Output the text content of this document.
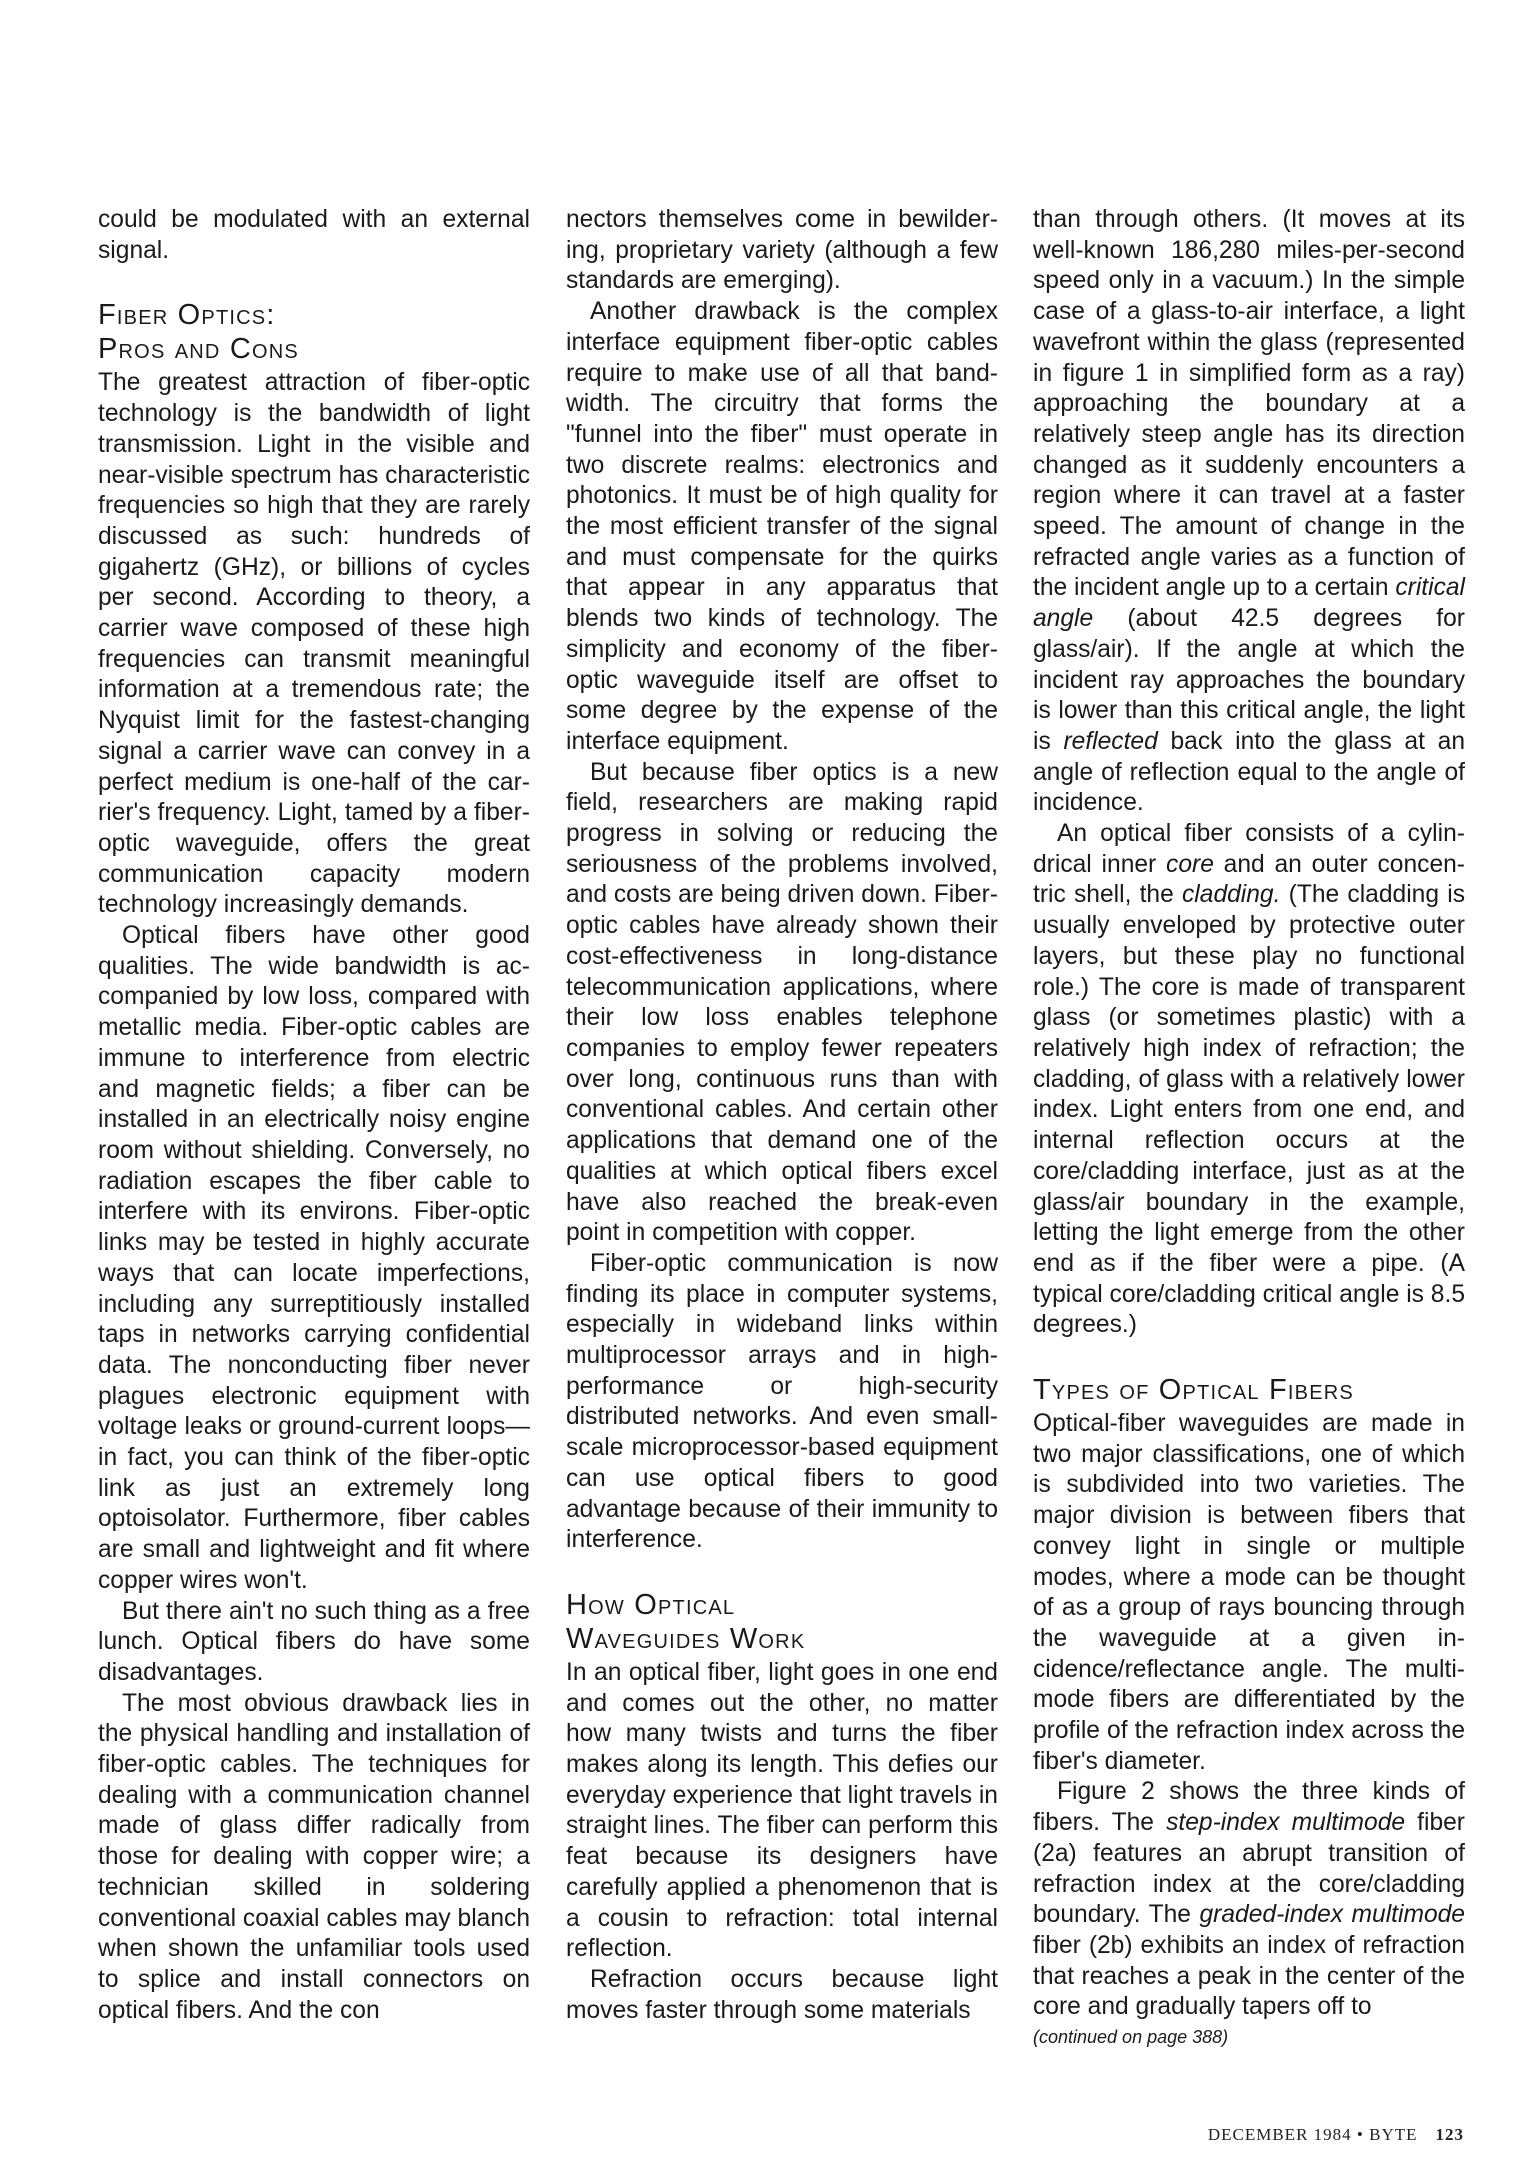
could be modulated with an external signal.

Fiber Optics:
Pros and Cons

The greatest attraction of fiber-optic technology is the bandwidth of light transmission. Light in the visible and near-visible spectrum has characteristic frequencies so high that they are rarely discussed as such: hundreds of gigahertz (GHz), or billions of cycles per second. According to theory, a carrier wave composed of these high frequencies can transmit meaningful information at a tremendous rate; the Nyquist limit for the fastest-changing signal a carrier wave can convey in a perfect medium is one-half of the carrier's frequency. Light, tamed by a fiber-optic waveguide, offers the great communication capacity modern technology increasingly demands.

Optical fibers have other good qualities. The wide bandwidth is accompanied by low loss, compared with metallic media. Fiber-optic cables are immune to interference from electric and magnetic fields; a fiber can be installed in an electrically noisy engine room without shielding. Conversely, no radiation escapes the fiber cable to interfere with its environs. Fiber-optic links may be tested in highly accurate ways that can locate imperfections, including any surreptitiously installed taps in networks carrying confidential data. The nonconducting fiber never plagues electronic equipment with voltage leaks or ground-current loops—in fact, you can think of the fiber-optic link as just an extremely long optoisolator. Furthermore, fiber cables are small and lightweight and fit where copper wires won't.

But there ain't no such thing as a free lunch. Optical fibers do have some disadvantages.

The most obvious drawback lies in the physical handling and installation of fiber-optic cables. The techniques for dealing with a communication channel made of glass differ radically from those for dealing with copper wire; a technician skilled in soldering conventional coaxial cables may blanch when shown the unfamiliar tools used to splice and install connectors on optical fibers. And the con

nectors themselves come in bewildering, proprietary variety (although a few standards are emerging).

Another drawback is the complex interface equipment fiber-optic cables require to make use of all that bandwidth. The circuitry that forms the "funnel into the fiber" must operate in two discrete realms: electronics and photonics. It must be of high quality for the most efficient transfer of the signal and must compensate for the quirks that appear in any apparatus that blends two kinds of technology. The simplicity and economy of the fiber-optic waveguide itself are offset to some degree by the expense of the interface equipment.

But because fiber optics is a new field, researchers are making rapid progress in solving or reducing the seriousness of the problems involved, and costs are being driven down. Fiber-optic cables have already shown their cost-effectiveness in long-distance telecommunication applications, where their low loss enables telephone companies to employ fewer repeaters over long, continuous runs than with conventional cables. And certain other applications that demand one of the qualities at which optical fibers excel have also reached the break-even point in competition with copper.

Fiber-optic communication is now finding its place in computer systems, especially in wideband links within multiprocessor arrays and in high-performance or high-security distributed networks. And even small-scale microprocessor-based equipment can use optical fibers to good advantage because of their immunity to interference.

How Optical
Waveguides Work

In an optical fiber, light goes in one end and comes out the other, no matter how many twists and turns the fiber makes along its length. This defies our everyday experience that light travels in straight lines. The fiber can perform this feat because its designers have carefully applied a phenomenon that is a cousin to refraction: total internal reflection.

Refraction occurs because light moves faster through some materials

than through others. (It moves at its well-known 186,280 miles-per-second speed only in a vacuum.) In the simple case of a glass-to-air interface, a light wavefront within the glass (represented in figure 1 in simplified form as a ray) approaching the boundary at a relatively steep angle has its direction changed as it suddenly encounters a region where it can travel at a faster speed. The amount of change in the refracted angle varies as a function of the incident angle up to a certain critical angle (about 42.5 degrees for glass/air). If the angle at which the incident ray approaches the boundary is lower than this critical angle, the light is reflected back into the glass at an angle of reflection equal to the angle of incidence.

An optical fiber consists of a cylindrical inner core and an outer concentric shell, the cladding. (The cladding is usually enveloped by protective outer layers, but these play no functional role.) The core is made of transparent glass (or sometimes plastic) with a relatively high index of refraction; the cladding, of glass with a relatively lower index. Light enters from one end, and internal reflection occurs at the core/cladding interface, just as at the glass/air boundary in the example, letting the light emerge from the other end as if the fiber were a pipe. (A typical core/cladding critical angle is 8.5 degrees.)

Types of Optical Fibers

Optical-fiber waveguides are made in two major classifications, one of which is subdivided into two varieties. The major division is between fibers that convey light in single or multiple modes, where a mode can be thought of as a group of rays bouncing through the waveguide at a given incidence/reflectance angle. The multimode fibers are differentiated by the profile of the refraction index across the fiber's diameter.

Figure 2 shows the three kinds of fibers. The step-index multimode fiber (2a) features an abrupt transition of refraction index at the core/cladding boundary. The graded-index multimode fiber (2b) exhibits an index of refraction that reaches a peak in the center of the core and gradually tapers off to

(continued on page 388)

DECEMBER 1984 • BYTE 123
